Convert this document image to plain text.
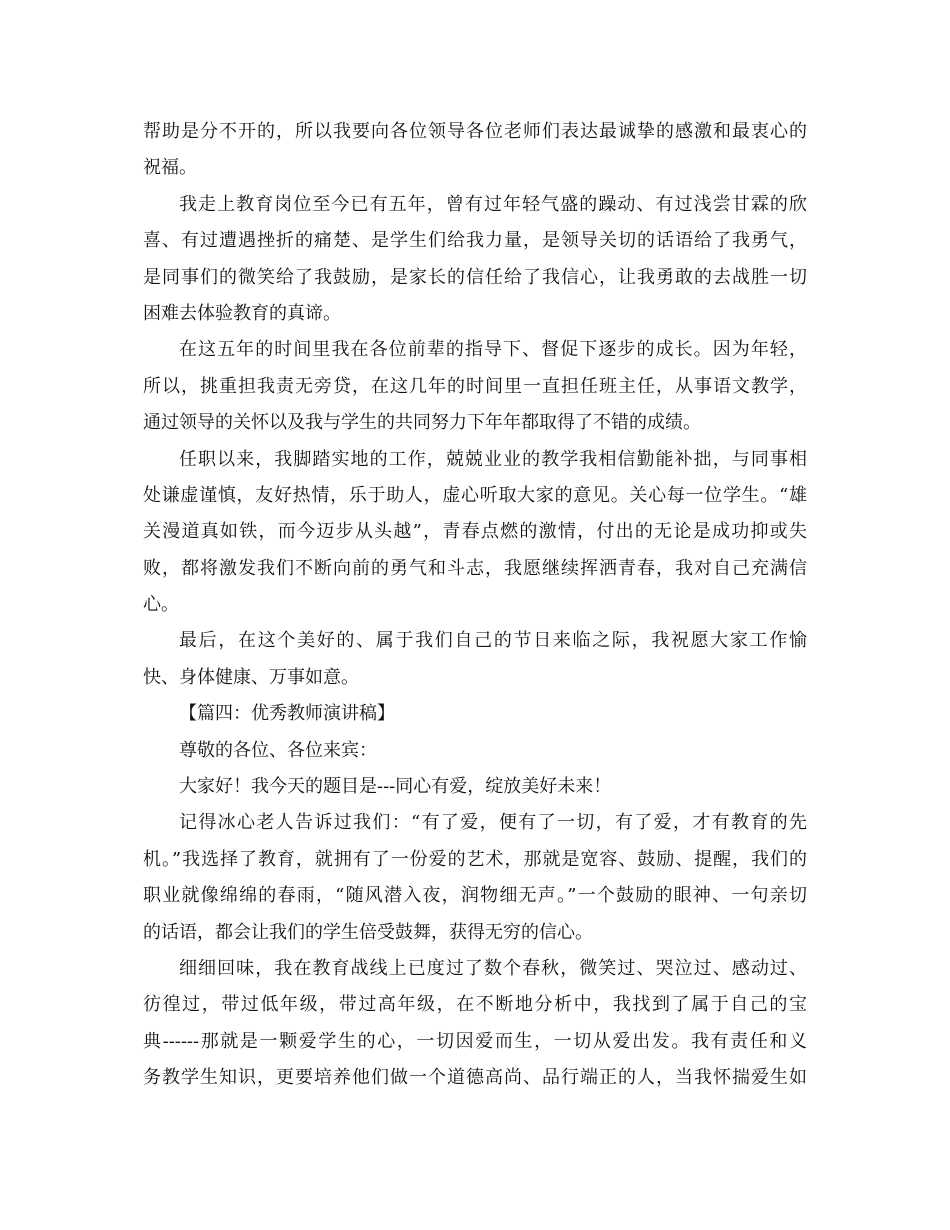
帮助是分不开的，所以我要向各位领导各位老师们表达最诚挚的感激和最衷心的
祝福。
我走上教育岗位至今已有五年，曾有过年轻气盛的躁动、有过浅尝甘霖的欣
喜、有过遭遇挫折的痛楚、是学生们给我力量，是领导关切的话语给了我勇气，
是同事们的微笑给了我鼓励，是家长的信任给了我信心，让我勇敢的去战胜一切
困难去体验教育的真谛。
在这五年的时间里我在各位前辈的指导下、督促下逐步的成长。因为年轻，
所以，挑重担我责无旁贷，在这几年的时间里一直担任班主任，从事语文教学，
通过领导的关怀以及我与学生的共同努力下年年都取得了不错的成绩。
任职以来，我脚踏实地的工作，兢兢业业的教学我相信勤能补拙，与同事相
处谦虚谨慎，友好热情，乐于助人，虚心听取大家的意见。关心每一位学生。“雄
关漫道真如铁，而今迈步从头越”，青春点燃的激情，付出的无论是成功抑或失
败，都将激发我们不断向前的勇气和斗志，我愿继续挥洒青春，我对自己充满信
心。
最后，在这个美好的、属于我们自己的节日来临之际，我祝愿大家工作愉
快、身体健康、万事如意。
【篇四：优秀教师演讲稿】
尊敬的各位、各位来宾：
大家好！我今天的题目是---同心有爱，绽放美好未来！
记得冰心老人告诉过我们：“有了爱，便有了一切，有了爱，才有教育的先
机。”我选择了教育，就拥有了一份爱的艺术，那就是宽容、鼓励、提醒，我们的
职业就像绵绵的春雨，“随风潜入夜，润物细无声。”一个鼓励的眼神、一句亲切
的话语，都会让我们的学生倍受鼓舞，获得无穷的信心。
细细回味，我在教育战线上已度过了数个春秋，微笑过、哭泣过、感动过、
彷徨过，带过低年级，带过高年级，在不断地分析中，我找到了属于自己的宝
典------那就是一颗爱学生的心，一切因爱而生，一切从爱出发。我有责任和义
务教学生知识，更要培养他们做一个道德高尚、品行端正的人，当我怀揣爱生如
